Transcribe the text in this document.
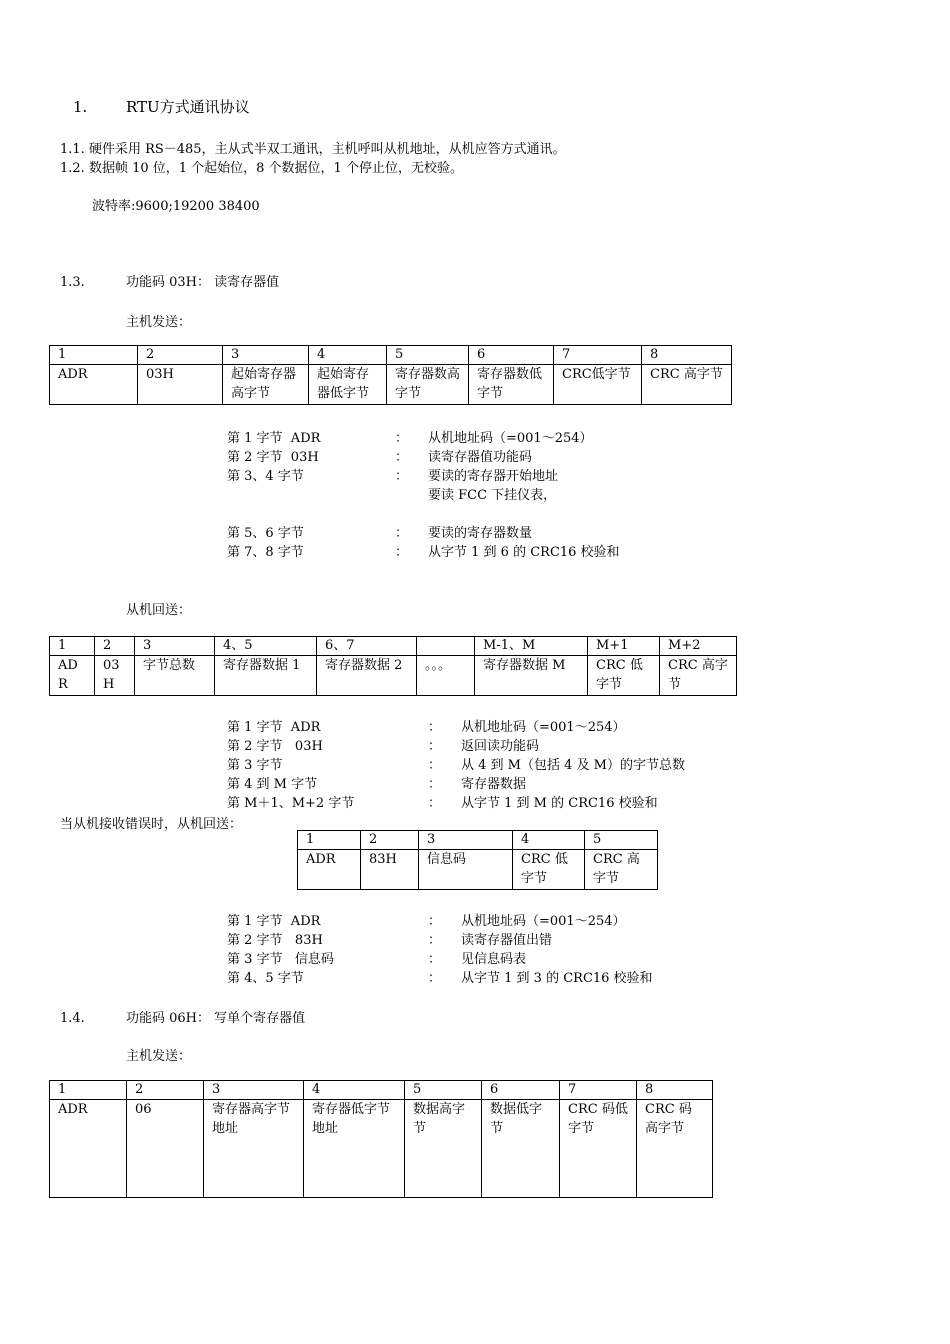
1.	RTU方式通讯协议
1.1. 硬件采用 RS－485，主从式半双工通讯，主机呼叫从机地址，从机应答方式通讯。
1.2. 数据帧 10 位，1 个起始位，8 个数据位，1 个停止位，无校验。
波特率:9600;19200 38400
1.3.	功能码 03H： 读寄存器值
主机发送：
1	2	3	4	5	6	7	8
ADR	03H	起始寄存器高字节	起始寄存器低字节	寄存器数高字节	寄存器数低字节	CRC低字节	CRC 高字节
第 1 字节  ADR	： 从机地址码（=001～254）
第 2 字节  03H	： 读寄存器值功能码
第 3、4 字节	： 要读的寄存器开始地址
要读 FCC 下挂仪表，
第 5、6 字节	： 要读的寄存器数量
第 7、8 字节	： 从字节 1 到 6 的 CRC16 校验和
从机回送：
1	2	3	4、5	6、7		M-1、M	M+1	M+2
ADR	03H	字节总数	寄存器数据 1	寄存器数据 2	。。。	寄存器数据 M	CRC 低字节	CRC 高字节
第 1 字节  ADR	： 从机地址码（=001～254）
第 2 字节   03H	： 返回读功能码
第 3 字节	： 从 4 到 M（包括 4 及 M）的字节总数
第 4 到 M 字节	： 寄存器数据
第 M＋1、M+2 字节	： 从字节 1 到 M 的 CRC16 校验和
当从机接收错误时，从机回送：
1	2	3	4	5
ADR	83H	信息码	CRC 低字节	CRC 高字节
第 1 字节  ADR	： 从机地址码（=001～254）
第 2 字节   83H	： 读寄存器值出错
第 3 字节   信息码	： 见信息码表
第 4、5 字节	： 从字节 1 到 3 的 CRC16 校验和
1.4.	功能码 06H： 写单个寄存器值
主机发送：
1	2	3	4	5	6	7	8
ADR	06	寄存器高字节地址	寄存器低字节地址	数据高字节	数据低字节	CRC 码低字节	CRC 码高字节
